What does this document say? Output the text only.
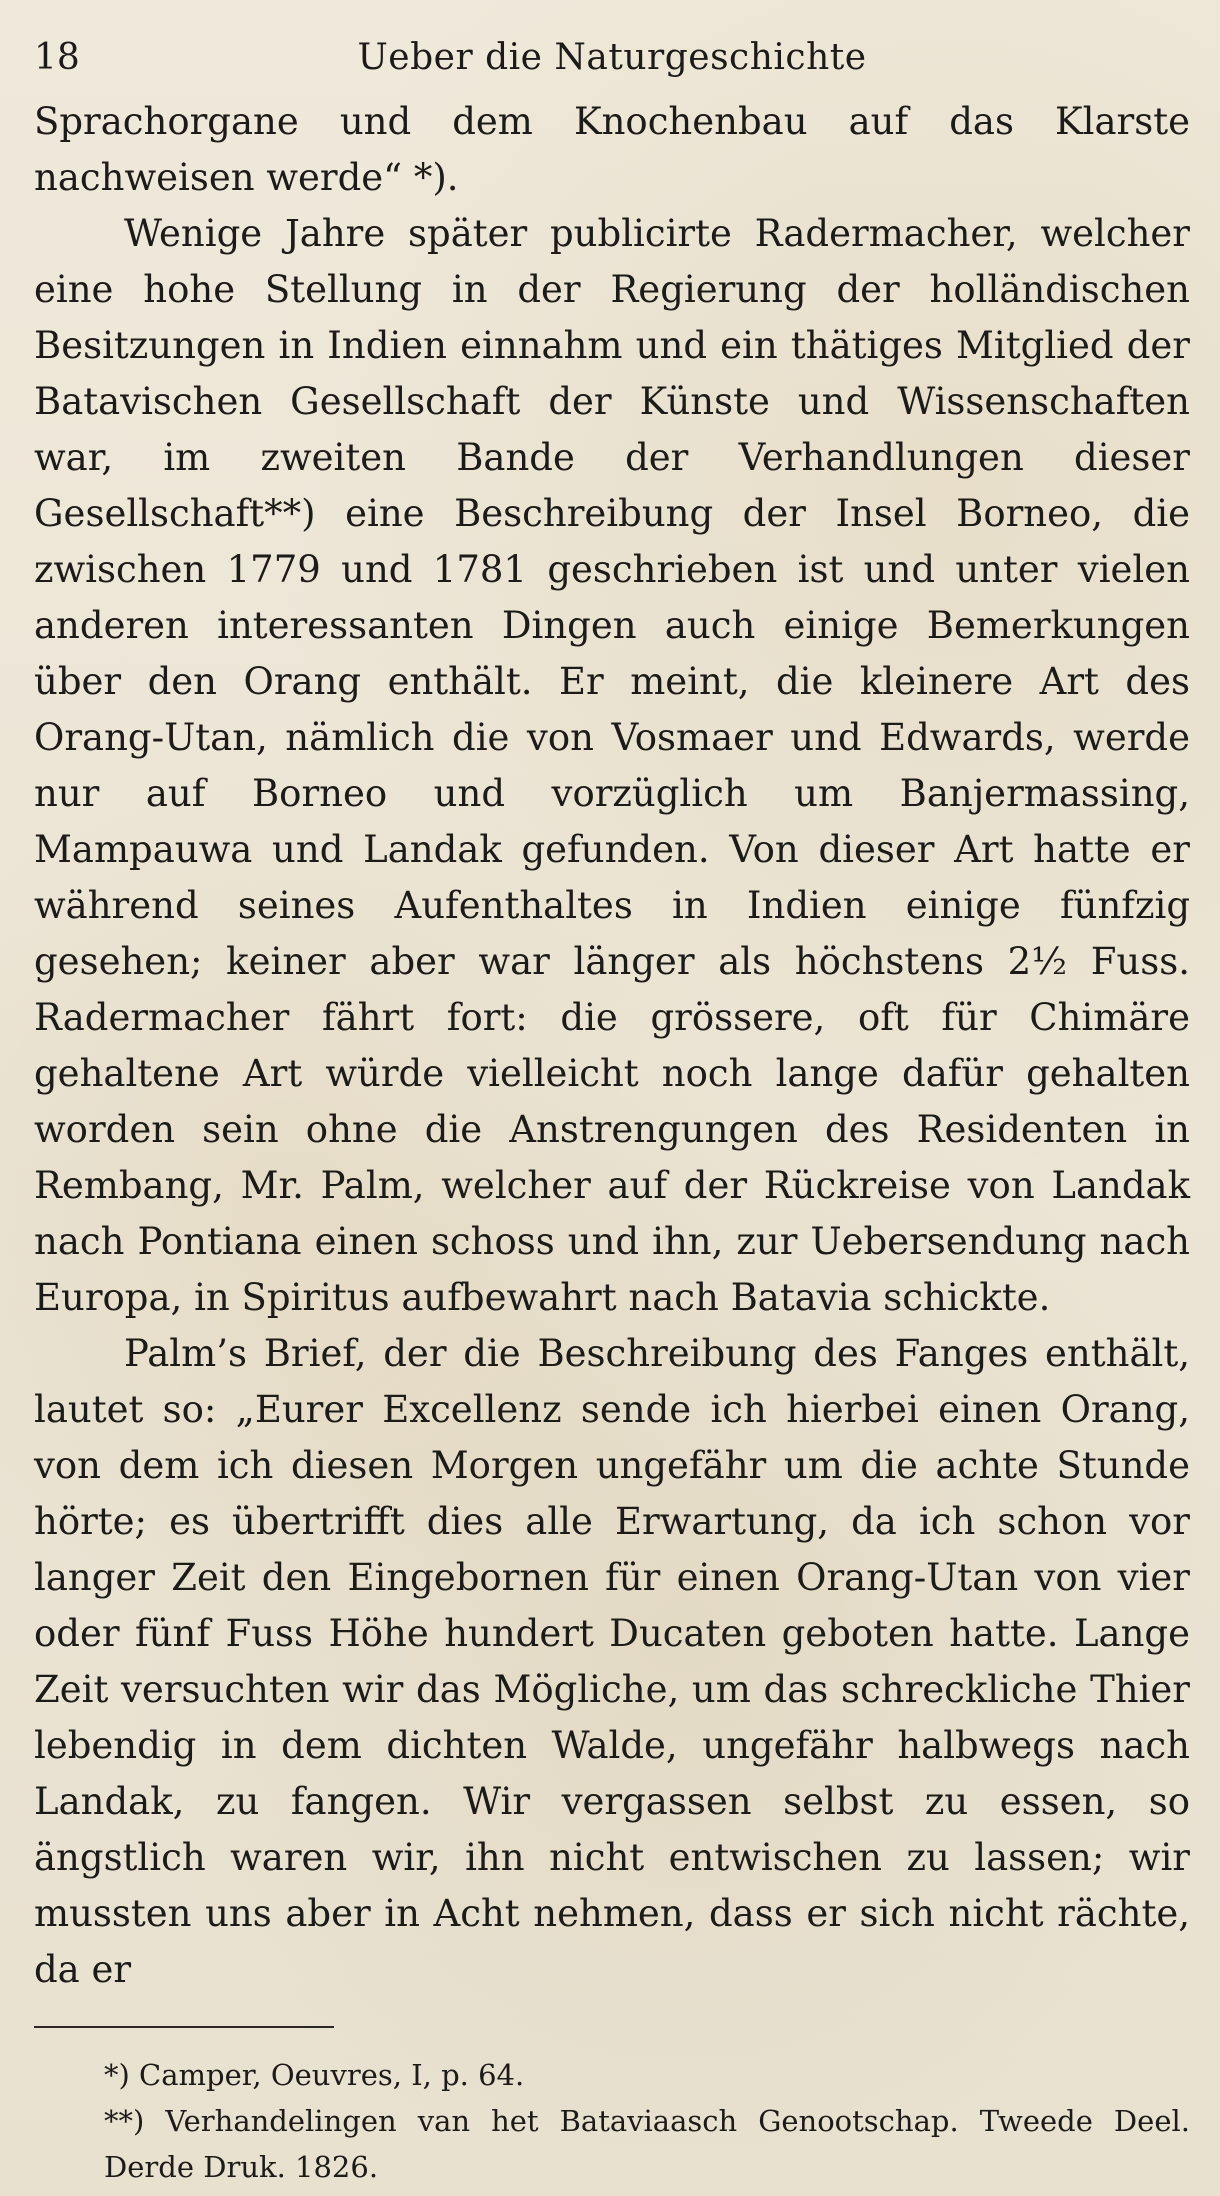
18	Ueber die Naturgeschichte

Sprachorgane und dem Knochenbau auf das Klarste nachweisen werde“ *).

Wenige Jahre später publicirte Radermacher, welcher eine hohe Stellung in der Regierung der holländischen Besitzungen in Indien einnahm und ein thätiges Mitglied der Batavischen Gesellschaft der Künste und Wissenschaften war, im zweiten Bande der Verhandlungen dieser Gesellschaft**) eine Beschreibung der Insel Borneo, die zwischen 1779 und 1781 geschrieben ist und unter vielen anderen interessanten Dingen auch einige Bemerkungen über den Orang enthält. Er meint, die kleinere Art des Orang-Utan, nämlich die von Vosmaer und Edwards, werde nur auf Borneo und vorzüglich um Banjermassing, Mampauwa und Landak gefunden. Von dieser Art hatte er während seines Aufenthaltes in Indien einige fünfzig gesehen; keiner aber war länger als höchstens 2½ Fuss. Radermacher fährt fort: die grössere, oft für Chimäre gehaltene Art würde vielleicht noch lange dafür gehalten worden sein ohne die Anstrengungen des Residenten in Rembang, Mr. Palm, welcher auf der Rückreise von Landak nach Pontiana einen schoss und ihn, zur Uebersendung nach Europa, in Spiritus aufbewahrt nach Batavia schickte.

Palm’s Brief, der die Beschreibung des Fanges enthält, lautet so: „Eurer Excellenz sende ich hierbei einen Orang, von dem ich diesen Morgen ungefähr um die achte Stunde hörte; es übertrifft dies alle Erwartung, da ich schon vor langer Zeit den Eingebornen für einen Orang-Utan von vier oder fünf Fuss Höhe hundert Ducaten geboten hatte. Lange Zeit versuchten wir das Mögliche, um das schreckliche Thier lebendig in dem dichten Walde, ungefähr halbwegs nach Landak, zu fangen. Wir vergassen selbst zu essen, so ängstlich waren wir, ihn nicht entwischen zu lassen; wir mussten uns aber in Acht nehmen, dass er sich nicht rächte, da er

*) Camper, Oeuvres, I, p. 64.

**) Verhandelingen van het Bataviaasch Genootschap. Tweede Deel. Derde Druk. 1826.
